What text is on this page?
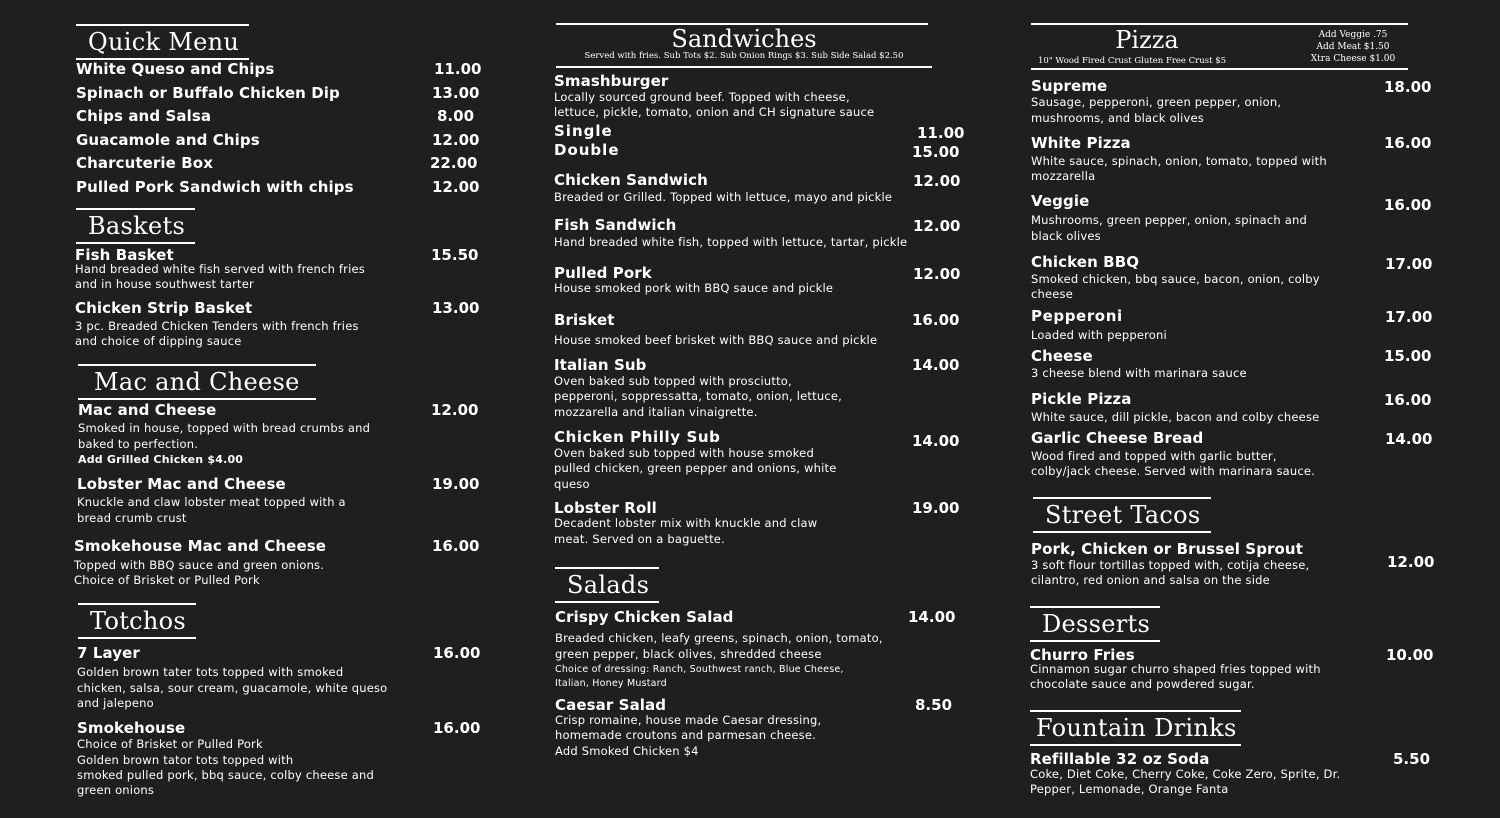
Quick Menu
White Queso and Chips	11.00
Spinach or Buffalo Chicken Dip	13.00
Chips and Salsa	8.00
Guacamole and Chips	12.00
Charcuterie Box	22.00
Pulled Pork Sandwich with chips	12.00
Baskets
Fish Basket	15.50
Hand breaded white fish served with french fries
and in house southwest tarter
Chicken Strip Basket	13.00
3 pc. Breaded Chicken Tenders with french fries
and choice of dipping sauce
Mac and Cheese
Mac and Cheese	12.00
Smoked in house, topped with bread crumbs and
baked to perfection.
Add Grilled Chicken $4.00
Lobster Mac and Cheese	19.00
Knuckle and claw lobster meat topped with a
bread crumb crust
Smokehouse Mac and Cheese	16.00
Topped with BBQ sauce and green onions.
Choice of Brisket or Pulled Pork
Totchos
7 Layer	16.00
Golden brown tater tots topped with smoked
chicken, salsa, sour cream, guacamole, white queso
and jalepeno
Smokehouse	16.00
Choice of Brisket or Pulled Pork
Golden brown tator tots topped with
smoked pulled pork, bbq sauce, colby cheese and
green onions
Sandwiches
Served with fries. Sub Tots $2. Sub Onion Rings $3. Sub Side Salad $2.50
Smashburger
Locally sourced ground beef. Topped with cheese,
lettuce, pickle, tomato, onion and CH signature sauce
Single	11.00
Double	15.00
Chicken Sandwich	12.00
Breaded or Grilled. Topped with lettuce, mayo and pickle
Fish Sandwich	12.00
Hand breaded white fish, topped with lettuce, tartar, pickle
Pulled Pork	12.00
House smoked pork with BBQ sauce and pickle
Brisket	16.00
House smoked beef brisket with BBQ sauce and pickle
Italian Sub	14.00
Oven baked sub topped with prosciutto,
pepperoni, soppressatta, tomato, onion, lettuce,
mozzarella and italian vinaigrette.
Chicken Philly Sub	14.00
Oven baked sub topped with house smoked
pulled chicken, green pepper and onions, white
queso
Lobster Roll	19.00
Decadent lobster mix with knuckle and claw
meat. Served on a baguette.
Salads
Crispy Chicken Salad	14.00
Breaded chicken, leafy greens, spinach, onion, tomato,
green pepper, black olives, shredded cheese
Choice of dressing: Ranch, Southwest ranch, Blue Cheese,
Italian, Honey Mustard
Caesar Salad	8.50
Crisp romaine, house made Caesar dressing,
homemade croutons and parmesan cheese.
Add Smoked Chicken $4
Pizza
10" Wood Fired Crust Gluten Free Crust $5
Add Veggie .75
Add Meat $1.50
Xtra Cheese $1.00
Supreme	18.00
Sausage, pepperoni, green pepper, onion,
mushrooms, and black olives
White Pizza	16.00
White sauce, spinach, onion, tomato, topped with
mozzarella
Veggie	16.00
Mushrooms, green pepper, onion, spinach and
black olives
Chicken BBQ	17.00
Smoked chicken, bbq sauce, bacon, onion, colby
cheese
Pepperoni	17.00
Loaded with pepperoni
Cheese	15.00
3 cheese blend with marinara sauce
Pickle Pizza	16.00
White sauce, dill pickle, bacon and colby cheese
Garlic Cheese Bread	14.00
Wood fired and topped with garlic butter,
colby/jack cheese. Served with marinara sauce.
Street Tacos
Pork, Chicken or Brussel Sprout
12.00
3 soft flour tortillas topped with, cotija cheese,
cilantro, red onion and salsa on the side
Desserts
Churro Fries	10.00
Cinnamon sugar churro shaped fries topped with
chocolate sauce and powdered sugar.
Fountain Drinks
Refillable 32 oz Soda	5.50
Coke, Diet Coke, Cherry Coke, Coke Zero, Sprite, Dr.
Pepper, Lemonade, Orange Fanta
